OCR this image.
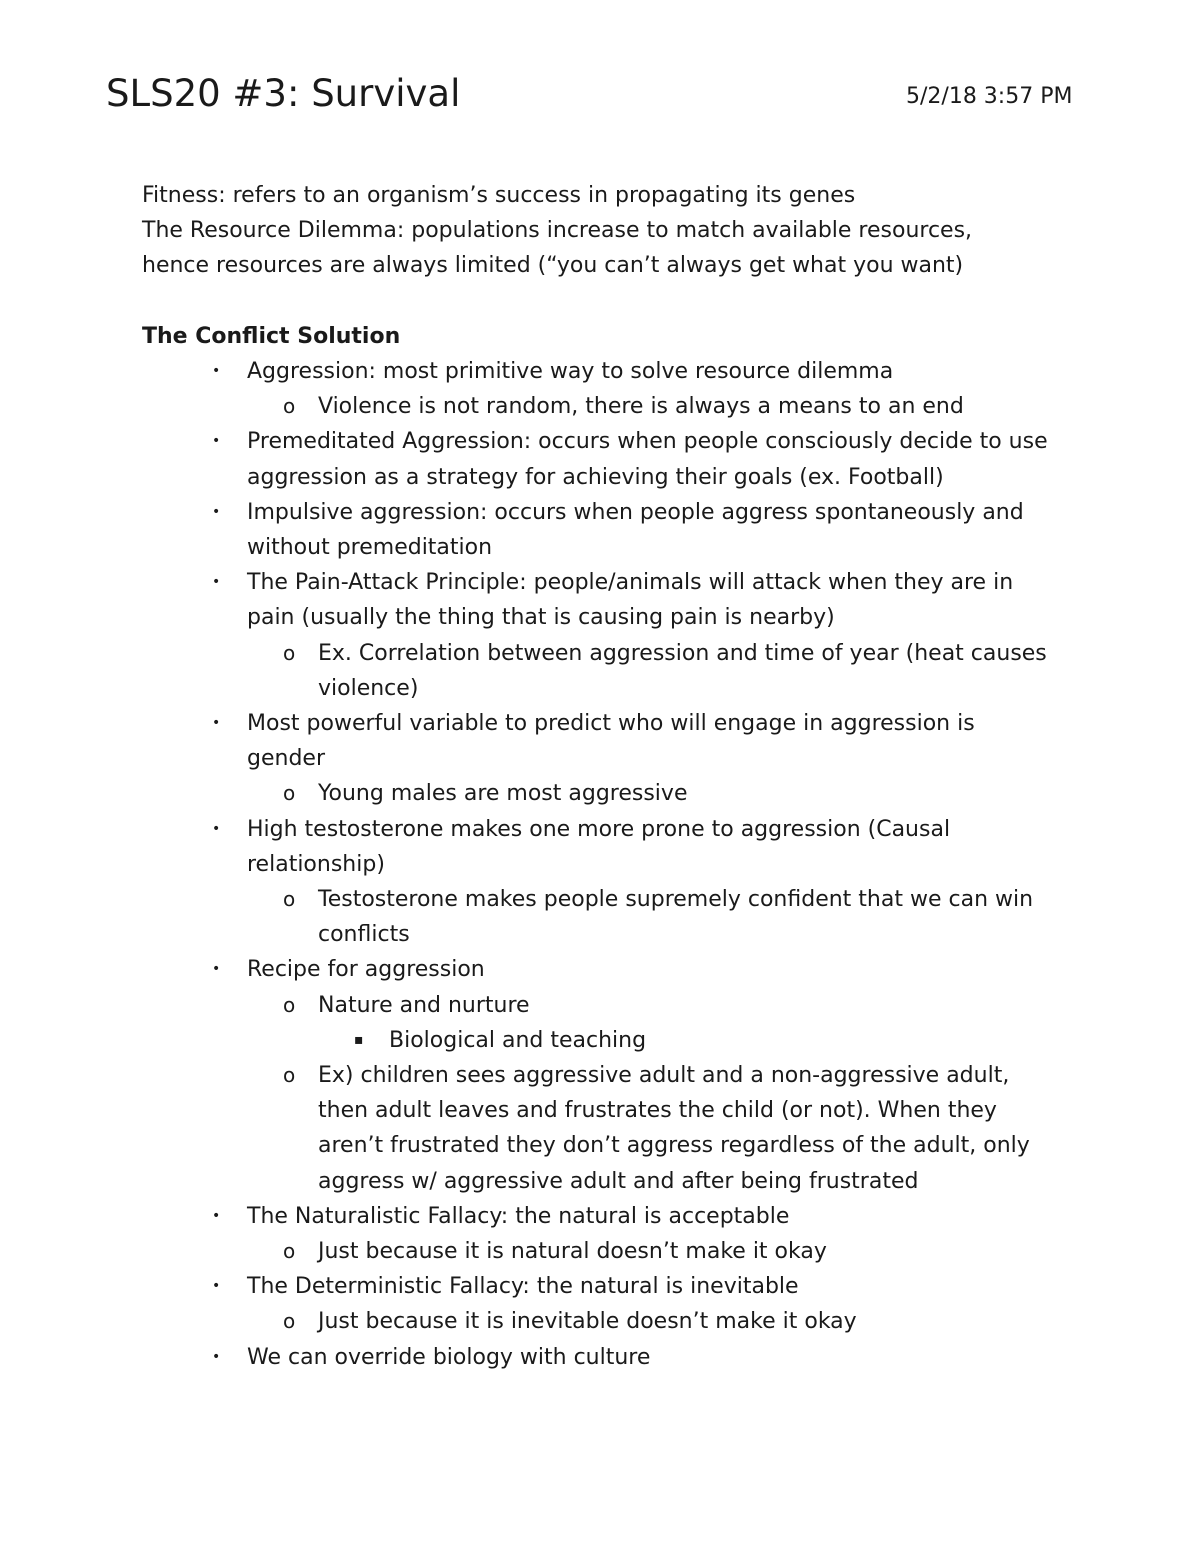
SLS20 #3: Survival	5/2/18 3:57 PM

Fitness: refers to an organism’s success in propagating its genes

The Resource Dilemma: populations increase to match available resources, hence resources are always limited (“you can’t always get what you want)

The Conflict Solution

•	Aggression: most primitive way to solve resource dilemma
o	Violence is not random, there is always a means to an end
•	Premeditated Aggression: occurs when people consciously decide to use aggression as a strategy for achieving their goals (ex. Football)
•	Impulsive aggression: occurs when people aggress spontaneously and without premeditation
•	The Pain-Attack Principle: people/animals will attack when they are in pain (usually the thing that is causing pain is nearby)
o	Ex. Correlation between aggression and time of year (heat causes violence)
•	Most powerful variable to predict who will engage in aggression is gender
o	Young males are most aggressive
•	High testosterone makes one more prone to aggression (Causal relationship)
o	Testosterone makes people supremely confident that we can win conflicts
•	Recipe for aggression
o	Nature and nurture
▪	Biological and teaching
o	Ex) children sees aggressive adult and a non-aggressive adult, then adult leaves and frustrates the child (or not). When they aren’t frustrated they don’t aggress regardless of the adult, only aggress w/ aggressive adult and after being frustrated
•	The Naturalistic Fallacy: the natural is acceptable
o	Just because it is natural doesn’t make it okay
•	The Deterministic Fallacy: the natural is inevitable
o	Just because it is inevitable doesn’t make it okay
•	We can override biology with culture
